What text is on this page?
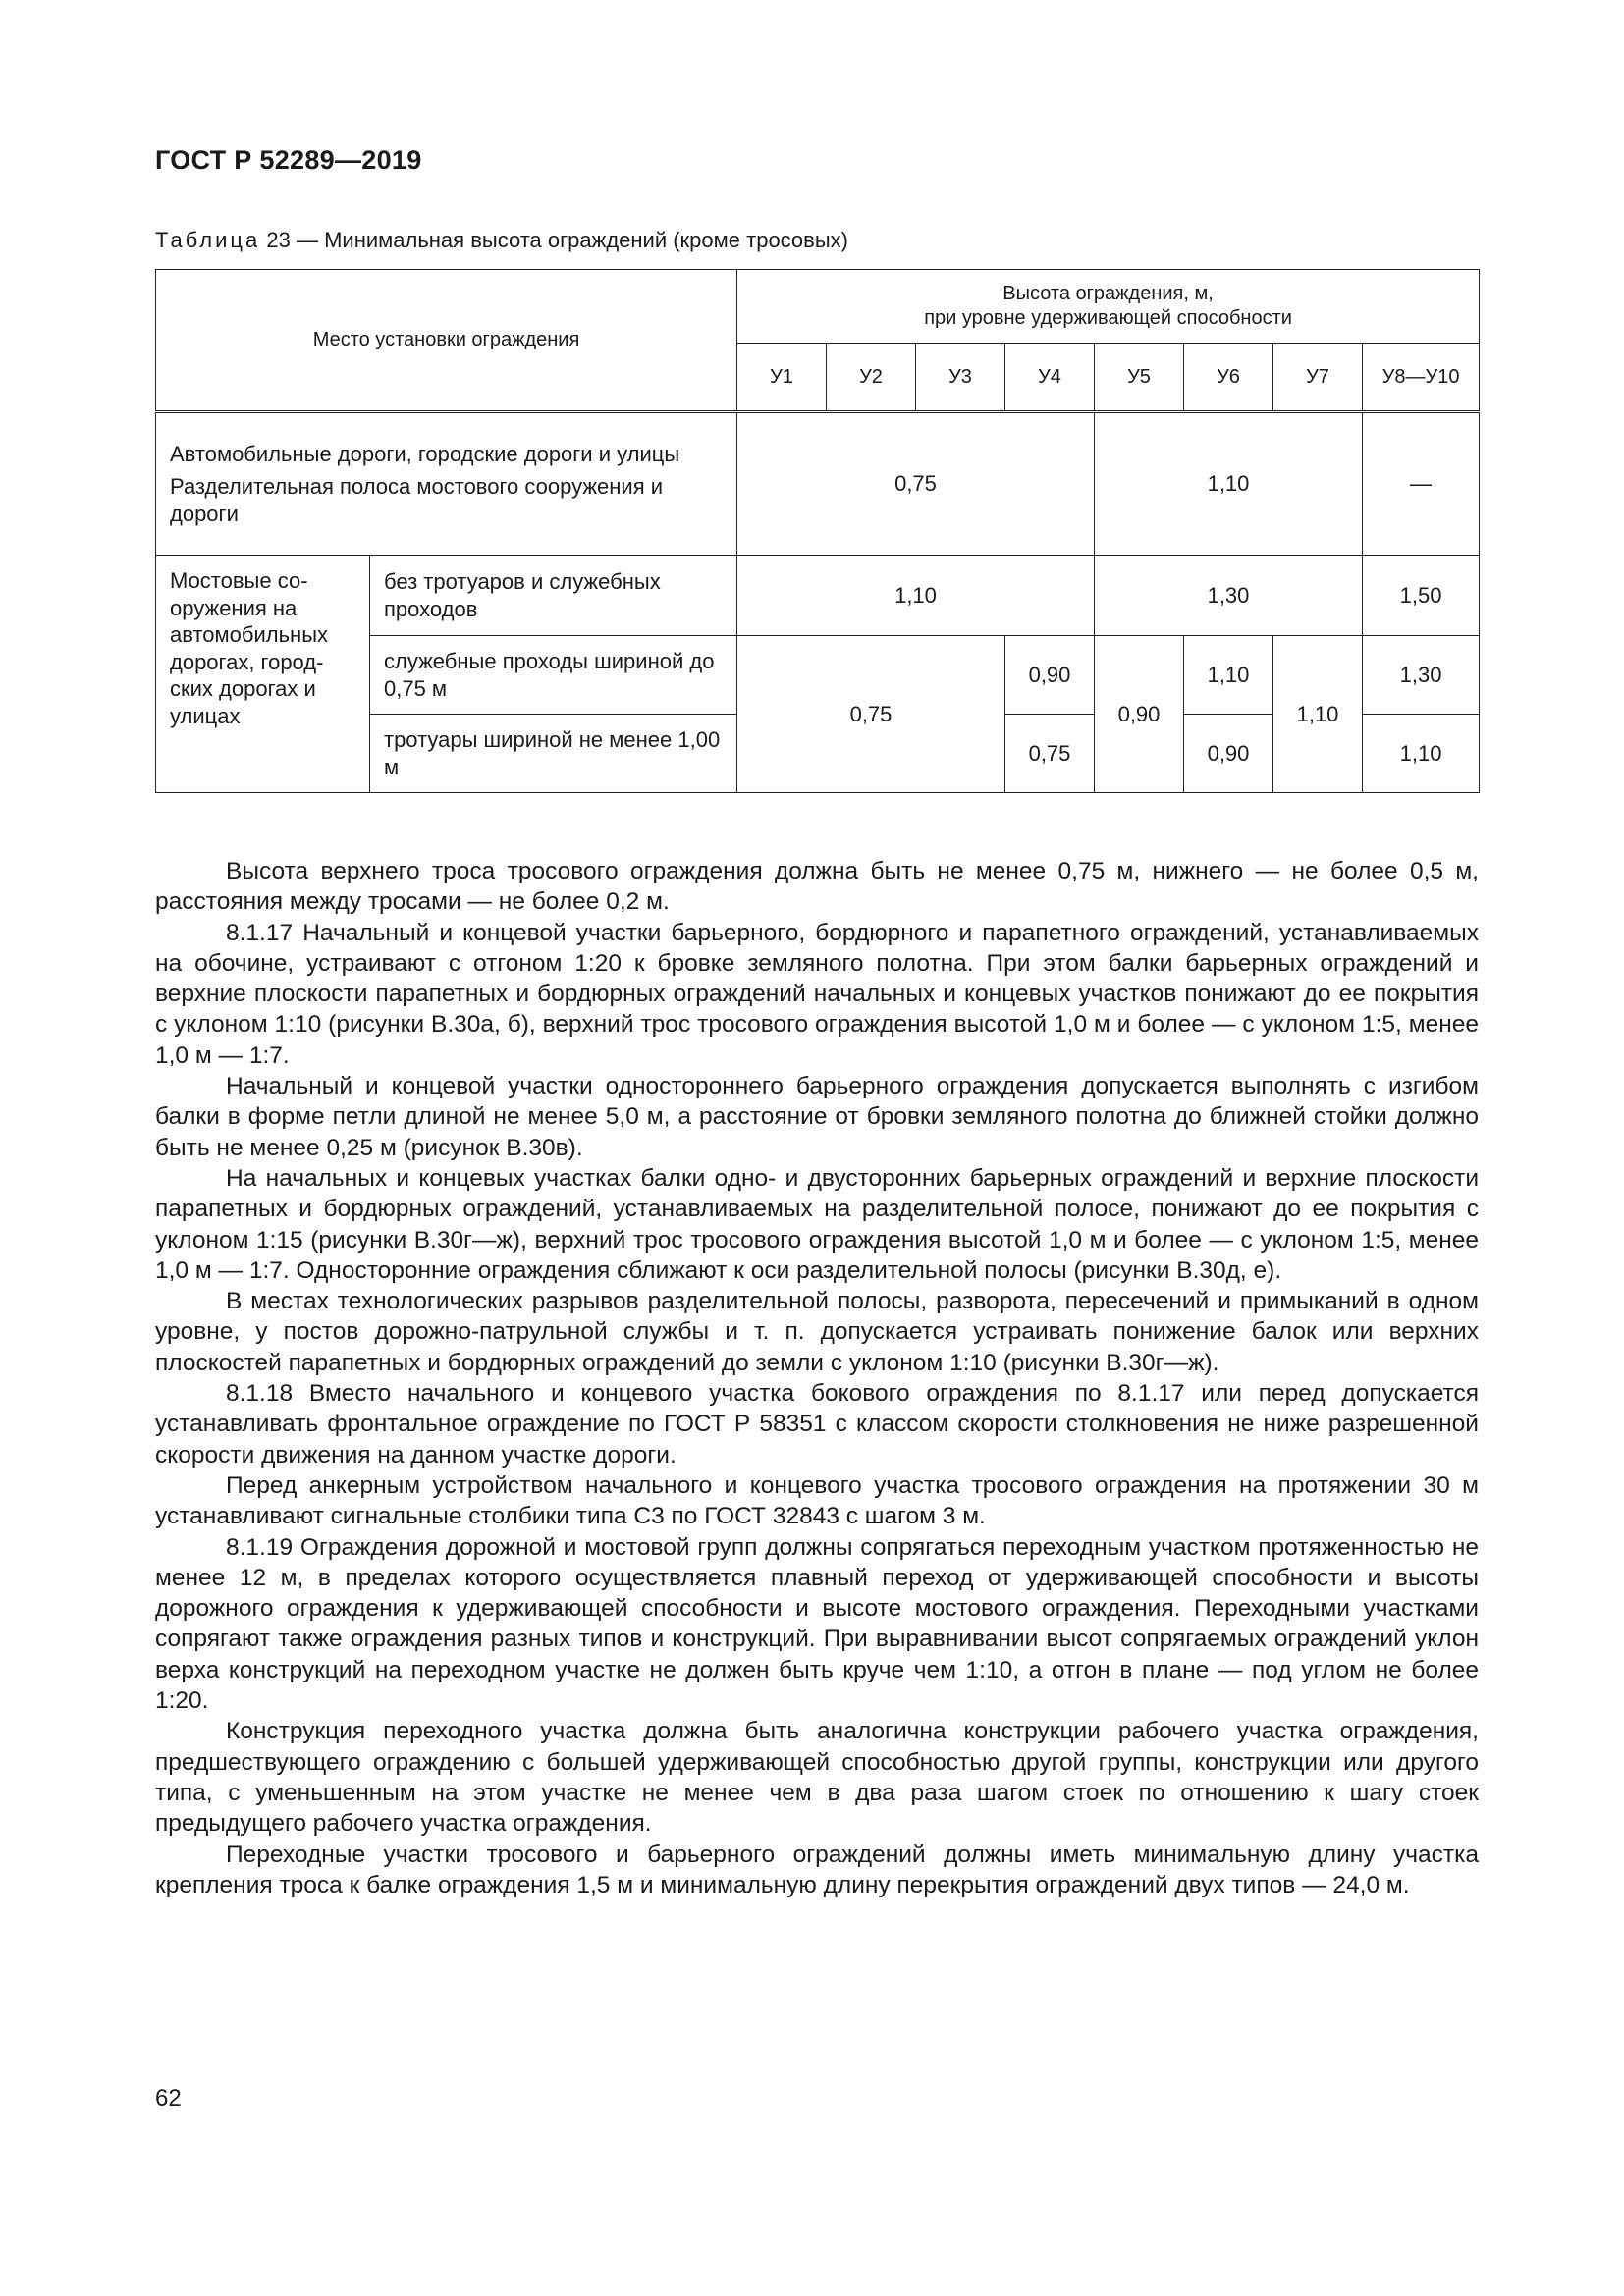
ГОСТ Р 52289—2019
Таблица 23 — Минимальная высота ограждений (кроме тросовых)
Место установки ограждения		Высота ограждения, м,
при уровне удерживающей способности							

		У1	У2	У3	У4	У5	У6	У7	У8—У10

Автомобильные дороги, городские дороги и улицы
Разделительная полоса мостового сооружения и дороги		0,75				1,10			—
Мостовые со-оружения на автомобильных дорогах, город-ских дорогах и улицах	без тротуаров и служебных проходов	1,10				1,30			1,50
	служебные проходы шириной до 0,75 м	0,75			0,90	0,90	1,10	1,10	1,30
	тротуары шириной не менее 1,00 м				0,75		0,90		1,10

Высота верхнего троса тросового ограждения должна быть не менее 0,75 м, нижнего — не более 0,5 м, расстояния между тросами — не более 0,2 м.

8.1.17 Начальный и концевой участки барьерного, бордюрного и парапетного ограждений, устанавливаемых на обочине, устраивают с отгоном 1:20 к бровке земляного полотна. При этом балки барьерных ограждений и верхние плоскости парапетных и бордюрных ограждений начальных и концевых участков понижают до ее покрытия с уклоном 1:10 (рисунки В.30а, б), верхний трос тросового ограждения высотой 1,0 м и более — с уклоном 1:5, менее 1,0 м — 1:7.

Начальный и концевой участки одностороннего барьерного ограждения допускается выполнять с изгибом балки в форме петли длиной не менее 5,0 м, а расстояние от бровки земляного полотна до ближней стойки должно быть не менее 0,25 м (рисунок В.30в).

На начальных и концевых участках балки одно- и двусторонних барьерных ограждений и верхние плоскости парапетных и бордюрных ограждений, устанавливаемых на разделительной полосе, понижают до ее покрытия с уклоном 1:15 (рисунки В.30г—ж), верхний трос тросового ограждения высотой 1,0 м и более — с уклоном 1:5, менее 1,0 м — 1:7. Односторонние ограждения сближают к оси разделительной полосы (рисунки В.30д, е).

В местах технологических разрывов разделительной полосы, разворота, пересечений и примыканий в одном уровне, у постов дорожно-патрульной службы и т. п. допускается устраивать понижение балок или верхних плоскостей парапетных и бордюрных ограждений до земли с уклоном 1:10 (рисунки В.30г—ж).

8.1.18 Вместо начального и концевого участка бокового ограждения по 8.1.17 или перед допускается устанавливать фронтальное ограждение по ГОСТ Р 58351 с классом скорости столкновения не ниже разрешенной скорости движения на данном участке дороги.

Перед анкерным устройством начального и концевого участка тросового ограждения на протяжении 30 м устанавливают сигнальные столбики типа С3 по ГОСТ 32843 с шагом 3 м.

8.1.19 Ограждения дорожной и мостовой групп должны сопрягаться переходным участком протяженностью не менее 12 м, в пределах которого осуществляется плавный переход от удерживающей способности и высоты дорожного ограждения к удерживающей способности и высоте мостового ограждения. Переходными участками сопрягают также ограждения разных типов и конструкций. При выравнивании высот сопрягаемых ограждений уклон верха конструкций на переходном участке не должен быть круче чем 1:10, а отгон в плане — под углом не более 1:20.

Конструкция переходного участка должна быть аналогична конструкции рабочего участка ограждения, предшествующего ограждению с большей удерживающей способностью другой группы, конструкции или другого типа, с уменьшенным на этом участке не менее чем в два раза шагом стоек по отношению к шагу стоек предыдущего рабочего участка ограждения.

Переходные участки тросового и барьерного ограждений должны иметь минимальную длину участка крепления троса к балке ограждения 1,5 м и минимальную длину перекрытия ограждений двух типов — 24,0 м.

62
